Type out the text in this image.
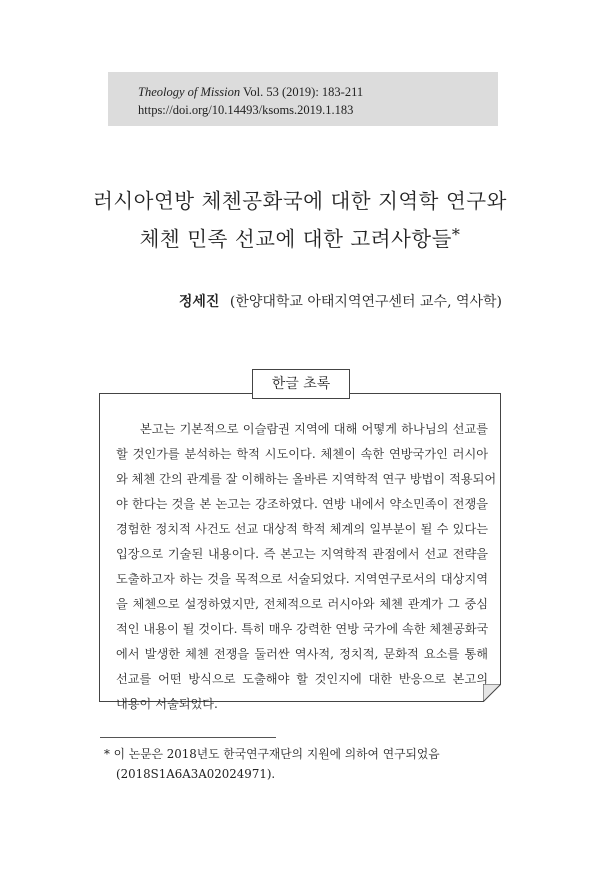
Theology of Mission Vol. 53 (2019): 183-211
https://doi.org/10.14493/ksoms.2019.1.183
러시아연방 체첸공화국에 대한 지역학 연구와
체첸 민족 선교에 대한 고려사항들*
정세진 (한양대학교 아태지역연구센터 교수, 역사학)
한글 초록

본고는 기본적으로 이슬람권 지역에 대해 어떻게 하나님의 선교를
할 것인가를 분석하는 학적 시도이다. 체첸이 속한 연방국가인 러시아
와 체첸 간의 관계를 잘 이해하는 올바른 지역학적 연구 방법이 적용되어
야 한다는 것을 본 논고는 강조하였다. 연방 내에서 약소민족이 전쟁을
경험한 정치적 사건도 선교 대상적 학적 체계의 일부분이 될 수 있다는
입장으로 기술된 내용이다. 즉 본고는 지역학적 관점에서 선교 전략을
도출하고자 하는 것을 목적으로 서술되었다. 지역연구로서의 대상지역
을 체첸으로 설정하였지만, 전체적으로 러시아와 체첸 관계가 그 중심
적인 내용이 될 것이다. 특히 매우 강력한 연방 국가에 속한 체첸공화국
에서 발생한 체첸 전쟁을 둘러싼 역사적, 정치적, 문화적 요소를 통해
선교를 어떤 방식으로 도출해야 할 것인지에 대한 반응으로 본고의
내용이 서술되었다.

* 이 논문은 2018년도 한국연구재단의 지원에 의하여 연구되었음
(2018S1A6A3A02024971).
